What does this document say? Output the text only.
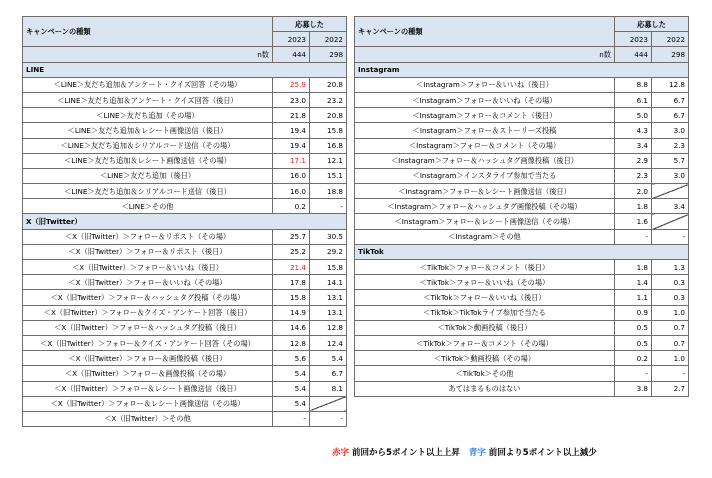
キャンペーンの種類	応募した	
	2023	2022
n数	444	298
LINE		
＜LINE＞友だち追加＆アンケート・クイズ回答（その場）	25.9	20.8
＜LINE＞友だち追加＆アンケート・クイズ回答（後日）	23.0	23.2
＜LINE＞友だち追加（その場）	21.8	20.8
＜LINE＞友だち追加＆レシート画像送信（後日）	19.4	15.8
＜LINE＞友だち追加＆シリアルコード送信（その場）	19.4	16.8
＜LINE＞友だち追加＆レシート画像送信（その場）	17.1	12.1
＜LINE＞友だち追加（後日）	16.0	15.1
＜LINE＞友だち追加＆シリアルコード送信（後日）	16.0	18.8
＜LINE＞その他	0.2	-
X（旧Twitter）		
＜X（旧Twitter）＞フォロー＆リポスト（その場）	25.7	30.5
＜X（旧Twitter）＞フォロー＆リポスト（後日）	25.2	29.2
＜X（旧Twitter）＞フォロー＆いいね（後日）	21.4	15.8
＜X（旧Twitter）＞フォロー＆いいね（その場）	17.8	14.1
＜X（旧Twitter）＞フォロー＆ハッシュタグ投稿（その場）	15.8	13.1
＜X（旧Twitter）＞フォロー＆クイズ・アンケート回答（後日）	14.9	13.1
＜X（旧Twitter）＞フォロー＆ハッシュタグ投稿（後日）	14.6	12.8
＜X（旧Twitter）＞フォロー＆クイズ・アンケート回答（その場）	12.8	12.4
＜X（旧Twitter）＞フォロー＆画像投稿（後日）	5.6	5.4
＜X（旧Twitter）＞フォロー＆画像投稿（その場）	5.4	6.7
＜X（旧Twitter）＞フォロー＆レシート画像送信（後日）	5.4	8.1
＜X（旧Twitter）＞フォロー＆レシート画像送信（その場）	5.4	
＜X（旧Twitter）＞その他	-	-
キャンペーンの種類	応募した	
	2023	2022
n数	444	298
Instagram		
＜Instagram＞フォロー＆いいね（後日）	8.8	12.8
＜Instagram＞フォロー＆いいね（その場）	6.1	6.7
＜Instagram＞フォロー＆コメント（後日）	5.0	6.7
＜Instagram＞フォロー＆ストーリーズ投稿	4.3	3.0
＜Instagram＞フォロー＆コメント（その場）	3.4	2.3
＜Instagram＞フォロー＆ハッシュタグ画像投稿（後日）	2.9	5.7
＜Instagram＞インスタライブ参加で当たる	2.3	3.0
＜Instagram＞フォロー＆レシート画像送信（後日）	2.0	
＜Instagram＞フォロー＆ハッシュタグ画像投稿（その場）	1.8	3.4
＜Instagram＞フォロー＆レシート画像送信（その場）	1.6	
＜Instagram＞その他	-	-
TikTok		
＜TikTok＞フォロー＆コメント（後日）	1.8	1.3
＜TikTok＞フォロー＆いいね（その場）	1.4	0.3
＜TikTok＞フォロー＆いいね（後日）	1.1	0.3
＜TikTok＞TikTokライブ参加で当たる	0.9	1.0
＜TikTok＞動画投稿（後日）	0.5	0.7
＜TikTok＞フォロー＆コメント（その場）	0.5	0.7
＜TikTok＞動画投稿（その場）	0.2	1.0
＜TikTok＞その他	-	-
あてはまるものはない	3.8	2.7
赤字 前回から5ポイント以上上昇 青字 前回より5ポイント以上減少
